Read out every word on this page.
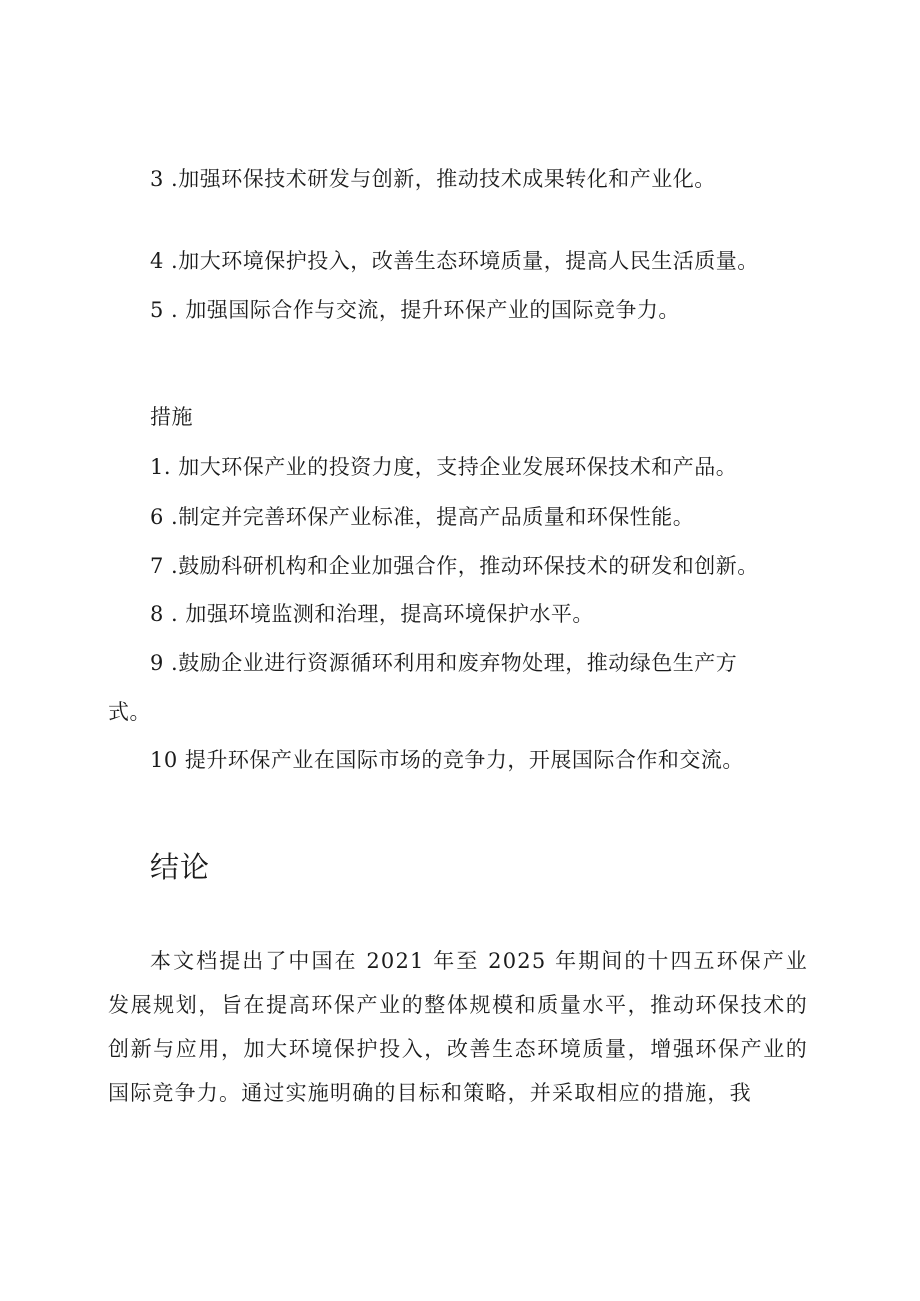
3 .加强环保技术研发与创新，推动技术成果转化和产业化。
4 .加大环境保护投入，改善生态环境质量，提高人民生活质量。
5 . 加强国际合作与交流，提升环保产业的国际竞争力。
措施
1. 加大环保产业的投资力度，支持企业发展环保技术和产品。
6 .制定并完善环保产业标准，提高产品质量和环保性能。
7 .鼓励科研机构和企业加强合作，推动环保技术的研发和创新。
8 . 加强环境监测和治理，提高环境保护水平。
9 .鼓励企业进行资源循环利用和废弃物处理，推动绿色生产方
式。
10 提升环保产业在国际市场的竞争力，开展国际合作和交流。
结论
本文档提出了中国在 2021 年至 2025 年期间的十四五环保产业发展规划，旨在提高环保产业的整体规模和质量水平，推动环保技术的创新与应用，加大环境保护投入，改善生态环境质量，增强环保产业的国际竞争力。通过实施明确的目标和策略，并采取相应的措施，我
